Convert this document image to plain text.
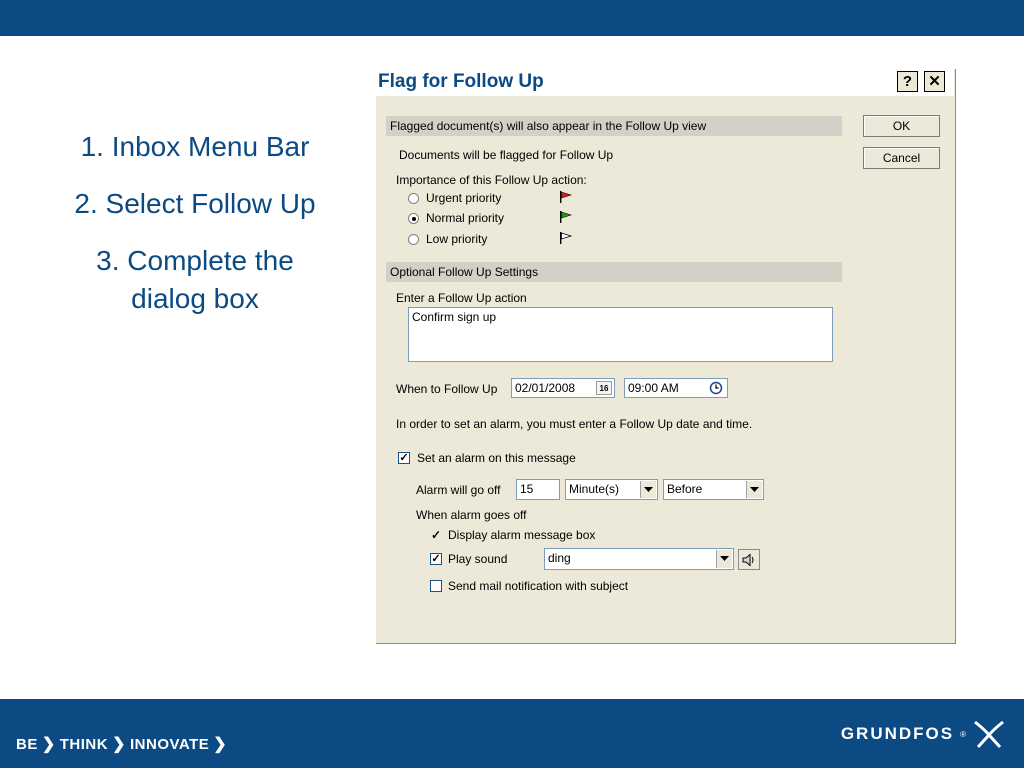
1. Inbox Menu Bar
2. Select Follow Up
3. Complete the dialog box
Flag for Follow Up	?	✕
OK
Cancel
Flagged document(s) will also appear in the Follow Up view
Documents will be flagged for Follow Up
Importance of this Follow Up action:
Urgent priority
Normal priority
Low priority
Optional Follow Up Settings
Enter a Follow Up action
Confirm sign up
When to Follow Up	02/01/2008	16	09:00 AM
In order to set an alarm, you must enter a Follow Up date and time.
✓ Set an alarm on this message
Alarm will go off	15	Minute(s)	Before
When alarm goes off
✓ Display alarm message box
✓ Play sound	ding
Send mail notification with subject
BE ❯ THINK ❯ INNOVATE ❯
GRUNDFOS ®
